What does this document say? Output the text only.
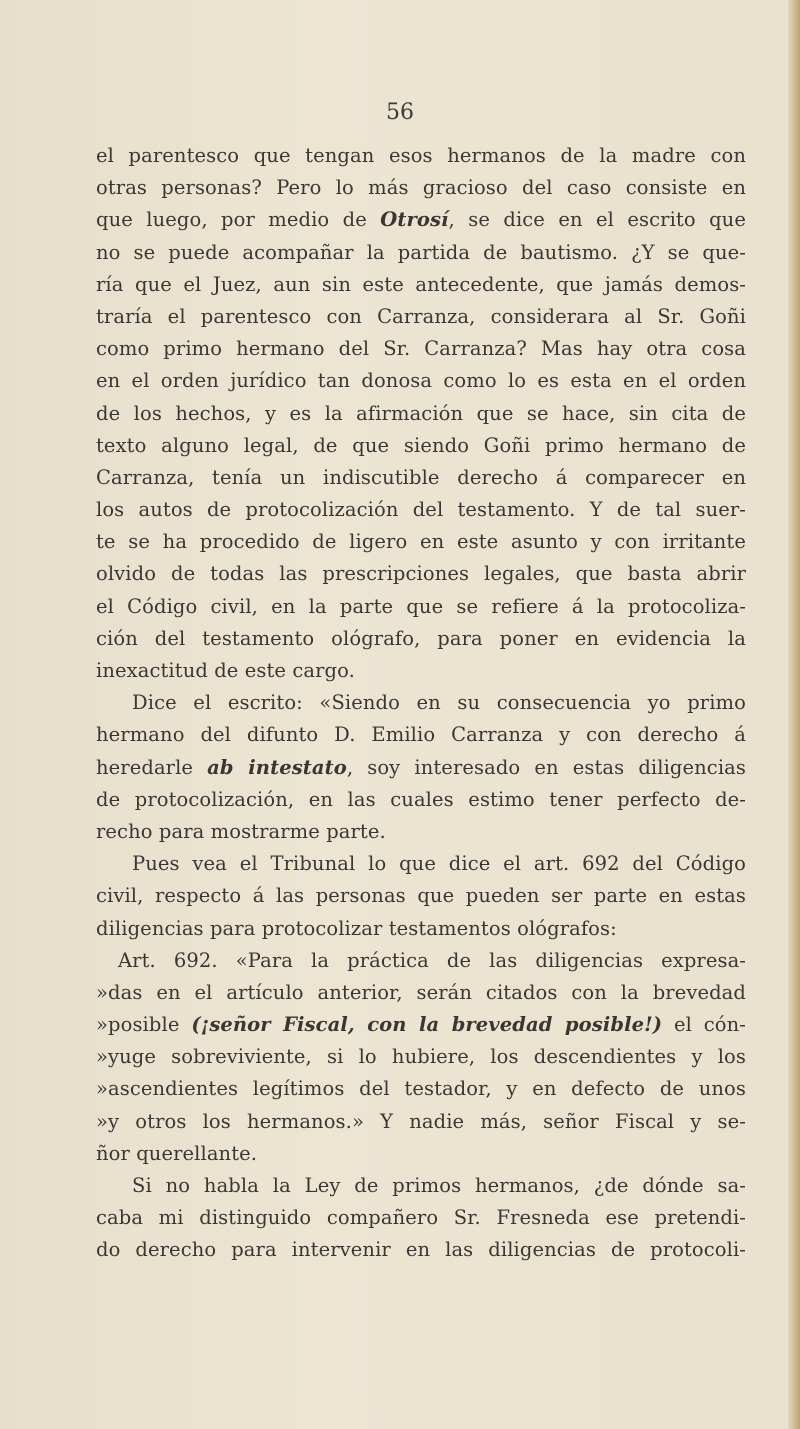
56
el parentesco que tengan esos hermanos de la madre con
otras personas? Pero lo más gracioso del caso consiste en
que luego, por medio de Otrosí, se dice en el escrito que
no se puede acompañar la partida de bautismo. ¿Y se que-
ría que el Juez, aun sin este antecedente, que jamás demos-
traría el parentesco con Carranza, considerara al Sr. Goñi
como primo hermano del Sr. Carranza? Mas hay otra cosa
en el orden jurídico tan donosa como lo es esta en el orden
de los hechos, y es la afirmación que se hace, sin cita de
texto alguno legal, de que siendo Goñi primo hermano de
Carranza, tenía un indiscutible derecho á comparecer en
los autos de protocolización del testamento. Y de tal suer-
te se ha procedido de ligero en este asunto y con irritante
olvido de todas las prescripciones legales, que basta abrir
el Código civil, en la parte que se refiere á la protocoliza-
ción del testamento ológrafo, para poner en evidencia la
inexactitud de este cargo.
Dice el escrito: «Siendo en su consecuencia yo primo
hermano del difunto D. Emilio Carranza y con derecho á
heredarle ab intestato, soy interesado en estas diligencias
de protocolización, en las cuales estimo tener perfecto de-
recho para mostrarme parte.
Pues vea el Tribunal lo que dice el art. 692 del Código
civil, respecto á las personas que pueden ser parte en estas
diligencias para protocolizar testamentos ológrafos:
Art. 692. «Para la práctica de las diligencias expresa-
»das en el artículo anterior, serán citados con la brevedad
»posible (¡señor Fiscal, con la brevedad posible!) el cón-
»yuge sobreviviente, si lo hubiere, los descendientes y los
»ascendientes legítimos del testador, y en defecto de unos
»y otros los hermanos.» Y nadie más, señor Fiscal y se-
ñor querellante.
Si no habla la Ley de primos hermanos, ¿de dónde sa-
caba mi distinguido compañero Sr. Fresneda ese pretendi-
do derecho para intervenir en las diligencias de protocoli-
